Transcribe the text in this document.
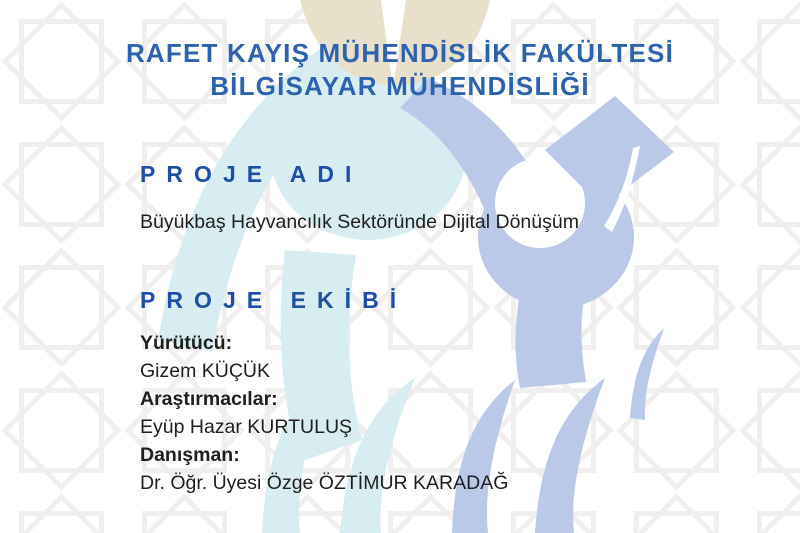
RAFET KAYIŞ MÜHENDİSLİK FAKÜLTESİ
BİLGİSAYAR MÜHENDİSLİĞİ
PROJE ADI
Büyükbaş Hayvancılık Sektöründe Dijital Dönüşüm
PROJE EKİBİ
Yürütücü:
Gizem KÜÇÜK
Araştırmacılar:
Eyüp Hazar KURTULUŞ
Danışman:
Dr. Öğr. Üyesi Özge ÖZTİMUR KARADAĞ
